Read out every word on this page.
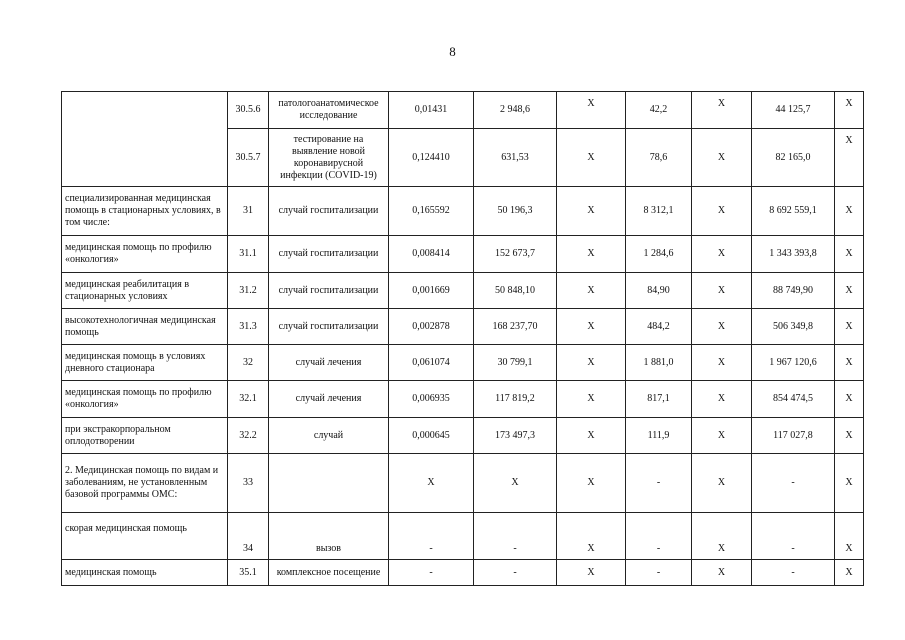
8
	30.5.6	патологоанатомическое исследование	0,01431	2 948,6	X	42,2	X	44 125,7	X
	30.5.7	тестирование на выявление новой коронавирусной инфекции (COVID-19)	0,124410	631,53	X	78,6	X	82 165,0	X
специализированная медицинская помощь в стационарных условиях, в том числе:	31	случай госпитализации	0,165592	50 196,3	X	8 312,1	X	8 692 559,1	X
медицинская помощь по профилю «онкология»	31.1	случай госпитализации	0,008414	152 673,7	X	1 284,6	X	1 343 393,8	X
медицинская реабилитация в стационарных условиях	31.2	случай госпитализации	0,001669	50 848,10	X	84,90	X	88 749,90	X
высокотехнологичная медицинская помощь	31.3	случай госпитализации	0,002878	168 237,70	X	484,2	X	506 349,8	X
медицинская помощь в условиях дневного стационара	32	случай лечения	0,061074	30 799,1	X	1 881,0	X	1 967 120,6	X
медицинская помощь по профилю «онкология»	32.1	случай лечения	0,006935	117 819,2	X	817,1	X	854 474,5	X
при экстракорпоральном оплодотворении	32.2	случай	0,000645	173 497,3	X	111,9	X	117 027,8	X
2. Медицинская помощь по видам и заболеваниям, не установленным базовой программы ОМС:	33		X	X	X	-	X	-	X
скорая медицинская помощь	34	вызов	-	-	X	-	X	-	X
медицинская помощь	35.1	комплексное посещение	-	-	X	-	X	-	X
